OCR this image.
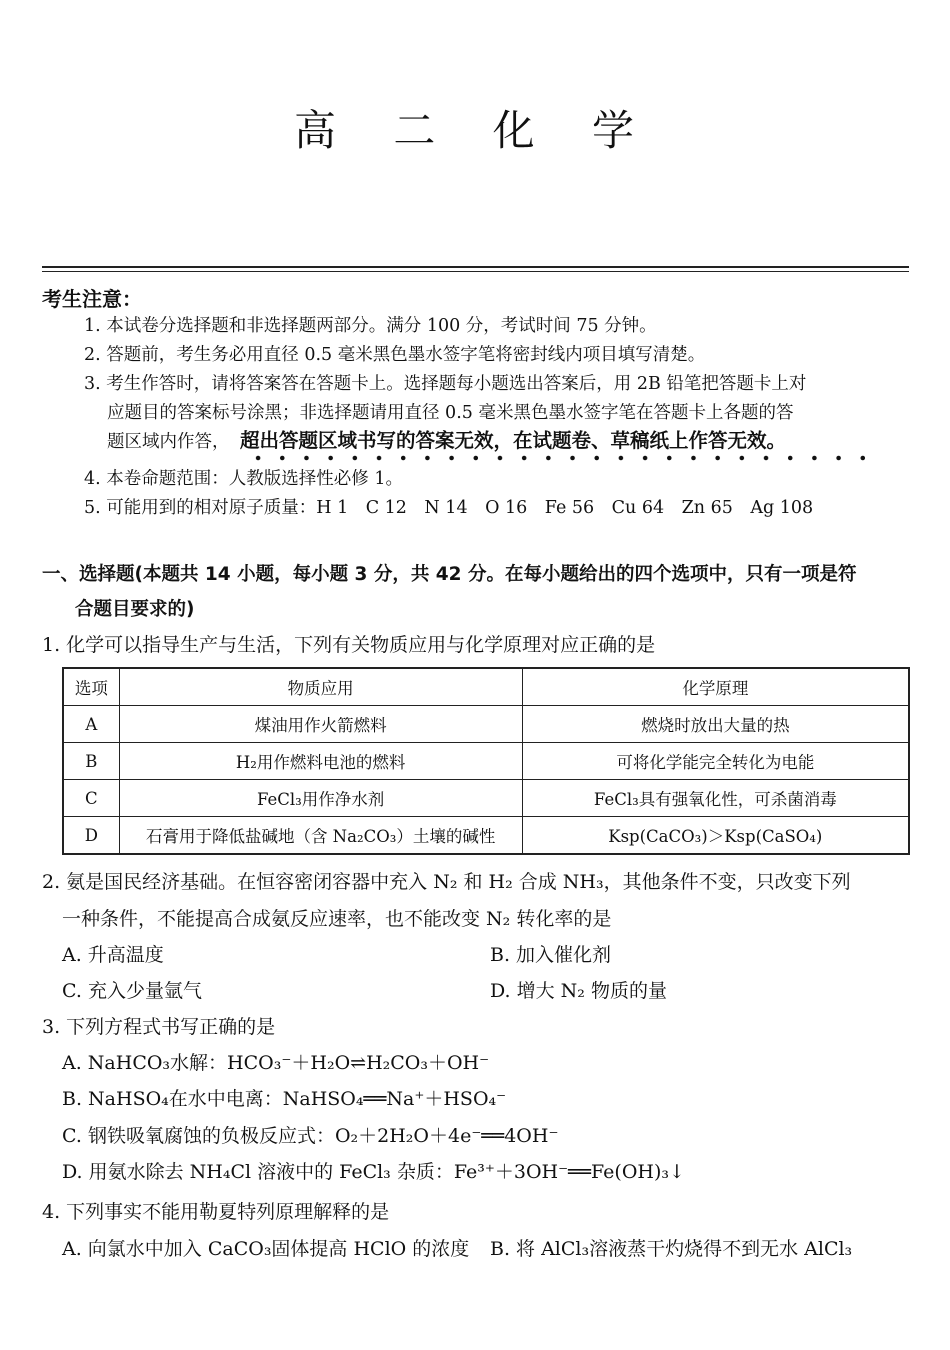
高 二 化 学
考生注意：
1. 本试卷分选择题和非选择题两部分。满分 100 分，考试时间 75 分钟。
2. 答题前，考生务必用直径 0.5 毫米黑色墨水签字笔将密封线内项目填写清楚。
3. 考生作答时，请将答案答在答题卡上。选择题每小题选出答案后，用 2B 铅笔把答题卡上对
应题目的答案标号涂黑；非选择题请用直径 0.5 毫米黑色墨水签字笔在答题卡上各题的答
题区域内作答， 超出答题区域书写的答案无效，在试题卷、草稿纸上作答无效。
4. 本卷命题范围：人教版选择性必修 1。
5. 可能用到的相对原子质量：H 1　C 12　N 14　O 16　Fe 56　Cu 64　Zn 65　Ag 108
一、选择题(本题共 14 小题，每小题 3 分，共 42 分。在每小题给出的四个选项中，只有一项是符
合题目要求的)
1. 化学可以指导生产与生活，下列有关物质应用与化学原理对应正确的是
选项	物质应用	化学原理
A	煤油用作火箭燃料	燃烧时放出大量的热
B	H₂用作燃料电池的燃料	可将化学能完全转化为电能
C	FeCl₃用作净水剂	FeCl₃具有强氧化性，可杀菌消毒
D	石膏用于降低盐碱地（含 Na₂CO₃）土壤的碱性	Ksp(CaCO₃)＞Ksp(CaSO₄)
2. 氨是国民经济基础。在恒容密闭容器中充入 N₂ 和 H₂ 合成 NH₃，其他条件不变，只改变下列
一种条件，不能提高合成氨反应速率，也不能改变 N₂ 转化率的是
A. 升高温度	B. 加入催化剂
C. 充入少量氩气	D. 增大 N₂ 物质的量
3. 下列方程式书写正确的是
A. NaHCO₃水解：HCO₃⁻＋H₂O⇌H₂CO₃＋OH⁻
B. NaHSO₄在水中电离：NaHSO₄══Na⁺＋HSO₄⁻
C. 钢铁吸氧腐蚀的负极反应式：O₂＋2H₂O＋4e⁻══4OH⁻
D. 用氨水除去 NH₄Cl 溶液中的 FeCl₃ 杂质：Fe³⁺＋3OH⁻══Fe(OH)₃↓
4. 下列事实不能用勒夏特列原理解释的是
A. 向氯水中加入 CaCO₃固体提高 HClO 的浓度 B. 将 AlCl₃溶液蒸干灼烧得不到无水 AlCl₃
